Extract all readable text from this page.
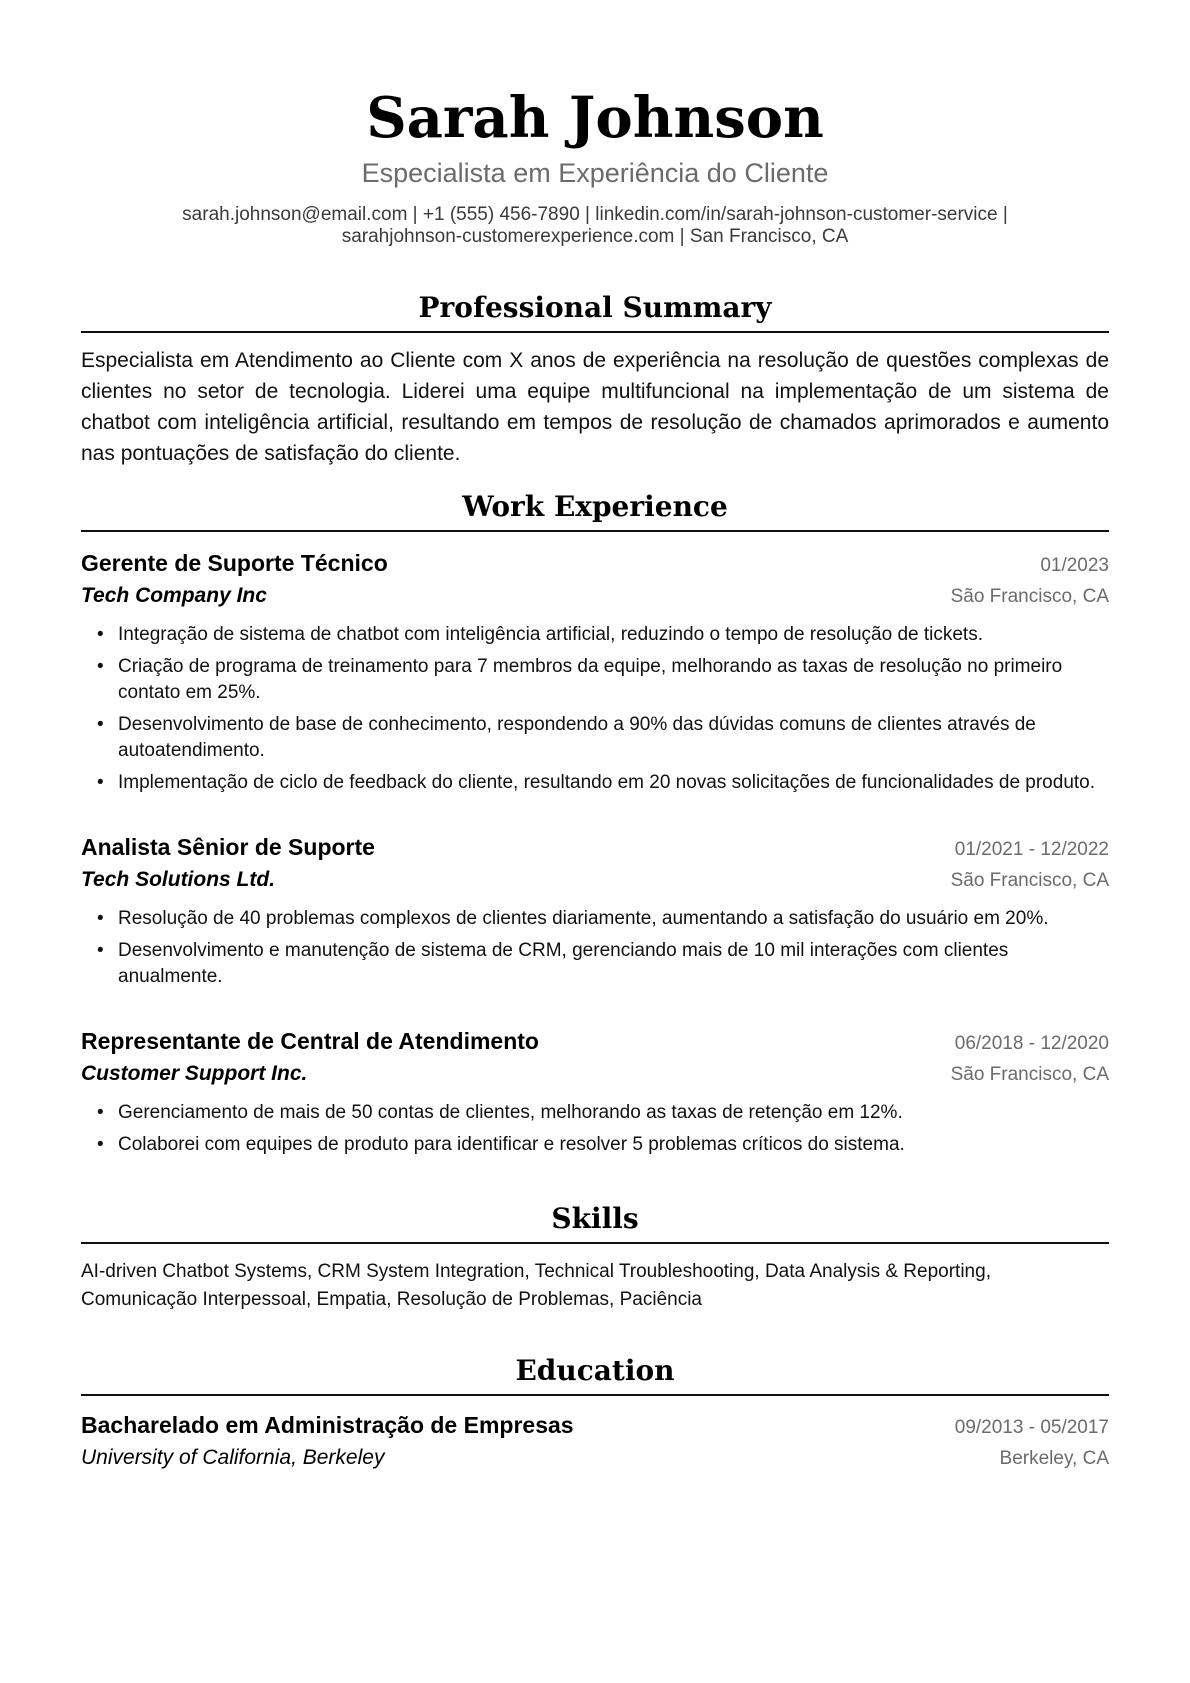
Sarah Johnson
Especialista em Experiência do Cliente
sarah.johnson@email.com | +1 (555) 456-7890 | linkedin.com/in/sarah-johnson-customer-service |
sarahjohnson-customerexperience.com | San Francisco, CA
Professional Summary

Especialista em Atendimento ao Cliente com X anos de experiência na resolução de questões complexas de clientes no setor de tecnologia. Liderei uma equipe multifuncional na implementação de um sistema de chatbot com inteligência artificial, resultando em tempos de resolução de chamados aprimorados e aumento nas pontuações de satisfação do cliente.

Work Experience
Gerente de Suporte Técnico	01/2023
Tech Company Inc	São Francisco, CA
• Integração de sistema de chatbot com inteligência artificial, reduzindo o tempo de resolução de tickets.
• Criação de programa de treinamento para 7 membros da equipe, melhorando as taxas de resolução no primeiro contato em 25%.
• Desenvolvimento de base de conhecimento, respondendo a 90% das dúvidas comuns de clientes através de autoatendimento.
• Implementação de ciclo de feedback do cliente, resultando em 20 novas solicitações de funcionalidades de produto.
Analista Sênior de Suporte	01/2021 - 12/2022
Tech Solutions Ltd.	São Francisco, CA
• Resolução de 40 problemas complexos de clientes diariamente, aumentando a satisfação do usuário em 20%.
• Desenvolvimento e manutenção de sistema de CRM, gerenciando mais de 10 mil interações com clientes anualmente.
Representante de Central de Atendimento	06/2018 - 12/2020
Customer Support Inc.	São Francisco, CA
• Gerenciamento de mais de 50 contas de clientes, melhorando as taxas de retenção em 12%.
• Colaborei com equipes de produto para identificar e resolver 5 problemas críticos do sistema.
Skills
AI-driven Chatbot Systems, CRM System Integration, Technical Troubleshooting, Data Analysis & Reporting,
Comunicação Interpessoal, Empatia, Resolução de Problemas, Paciência
Education
Bacharelado em Administração de Empresas	09/2013 - 05/2017
University of California, Berkeley	Berkeley, CA
